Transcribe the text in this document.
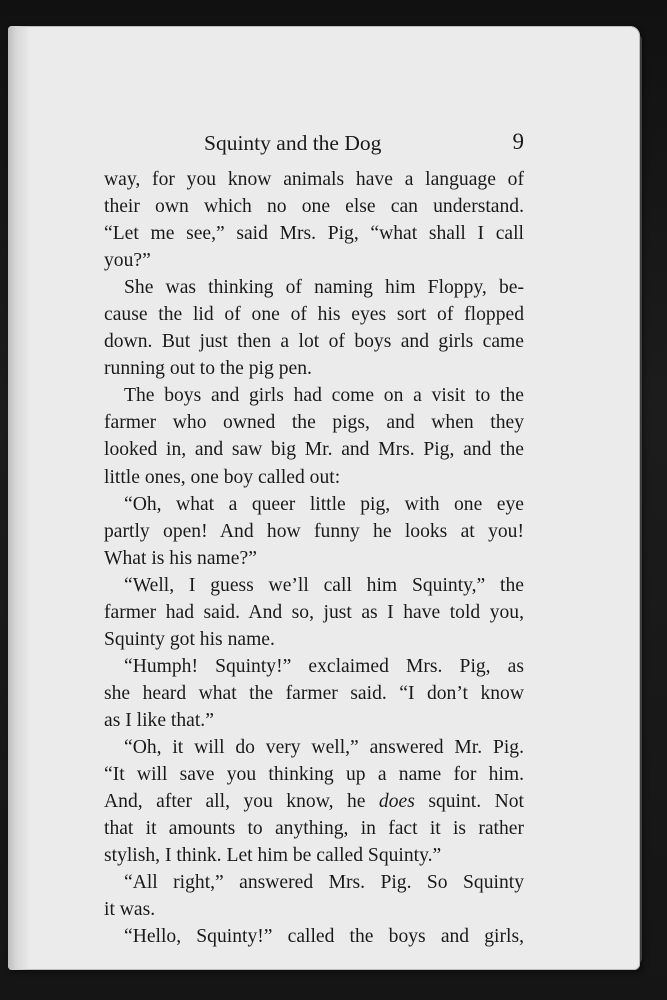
Squinty and the Dog	9

way, for you know animals have a language of
their own which no one else can understand.
“Let me see,” said Mrs. Pig, “what shall I call
you?”

She was thinking of naming him Floppy, be-
cause the lid of one of his eyes sort of flopped
down. But just then a lot of boys and girls came
running out to the pig pen.

The boys and girls had come on a visit to the
farmer who owned the pigs, and when they
looked in, and saw big Mr. and Mrs. Pig, and the
little ones, one boy called out:

“Oh, what a queer little pig, with one eye
partly open! And how funny he looks at you!
What is his name?”

“Well, I guess we’ll call him Squinty,” the
farmer had said. And so, just as I have told you,
Squinty got his name.

“Humph! Squinty!” exclaimed Mrs. Pig, as
she heard what the farmer said. “I don’t know
as I like that.”

“Oh, it will do very well,” answered Mr. Pig.
“It will save you thinking up a name for him.
And, after all, you know, he does squint. Not
that it amounts to anything, in fact it is rather
stylish, I think. Let him be called Squinty.”

“All right,” answered Mrs. Pig. So Squinty
it was.

“Hello, Squinty!” called the boys and girls,
